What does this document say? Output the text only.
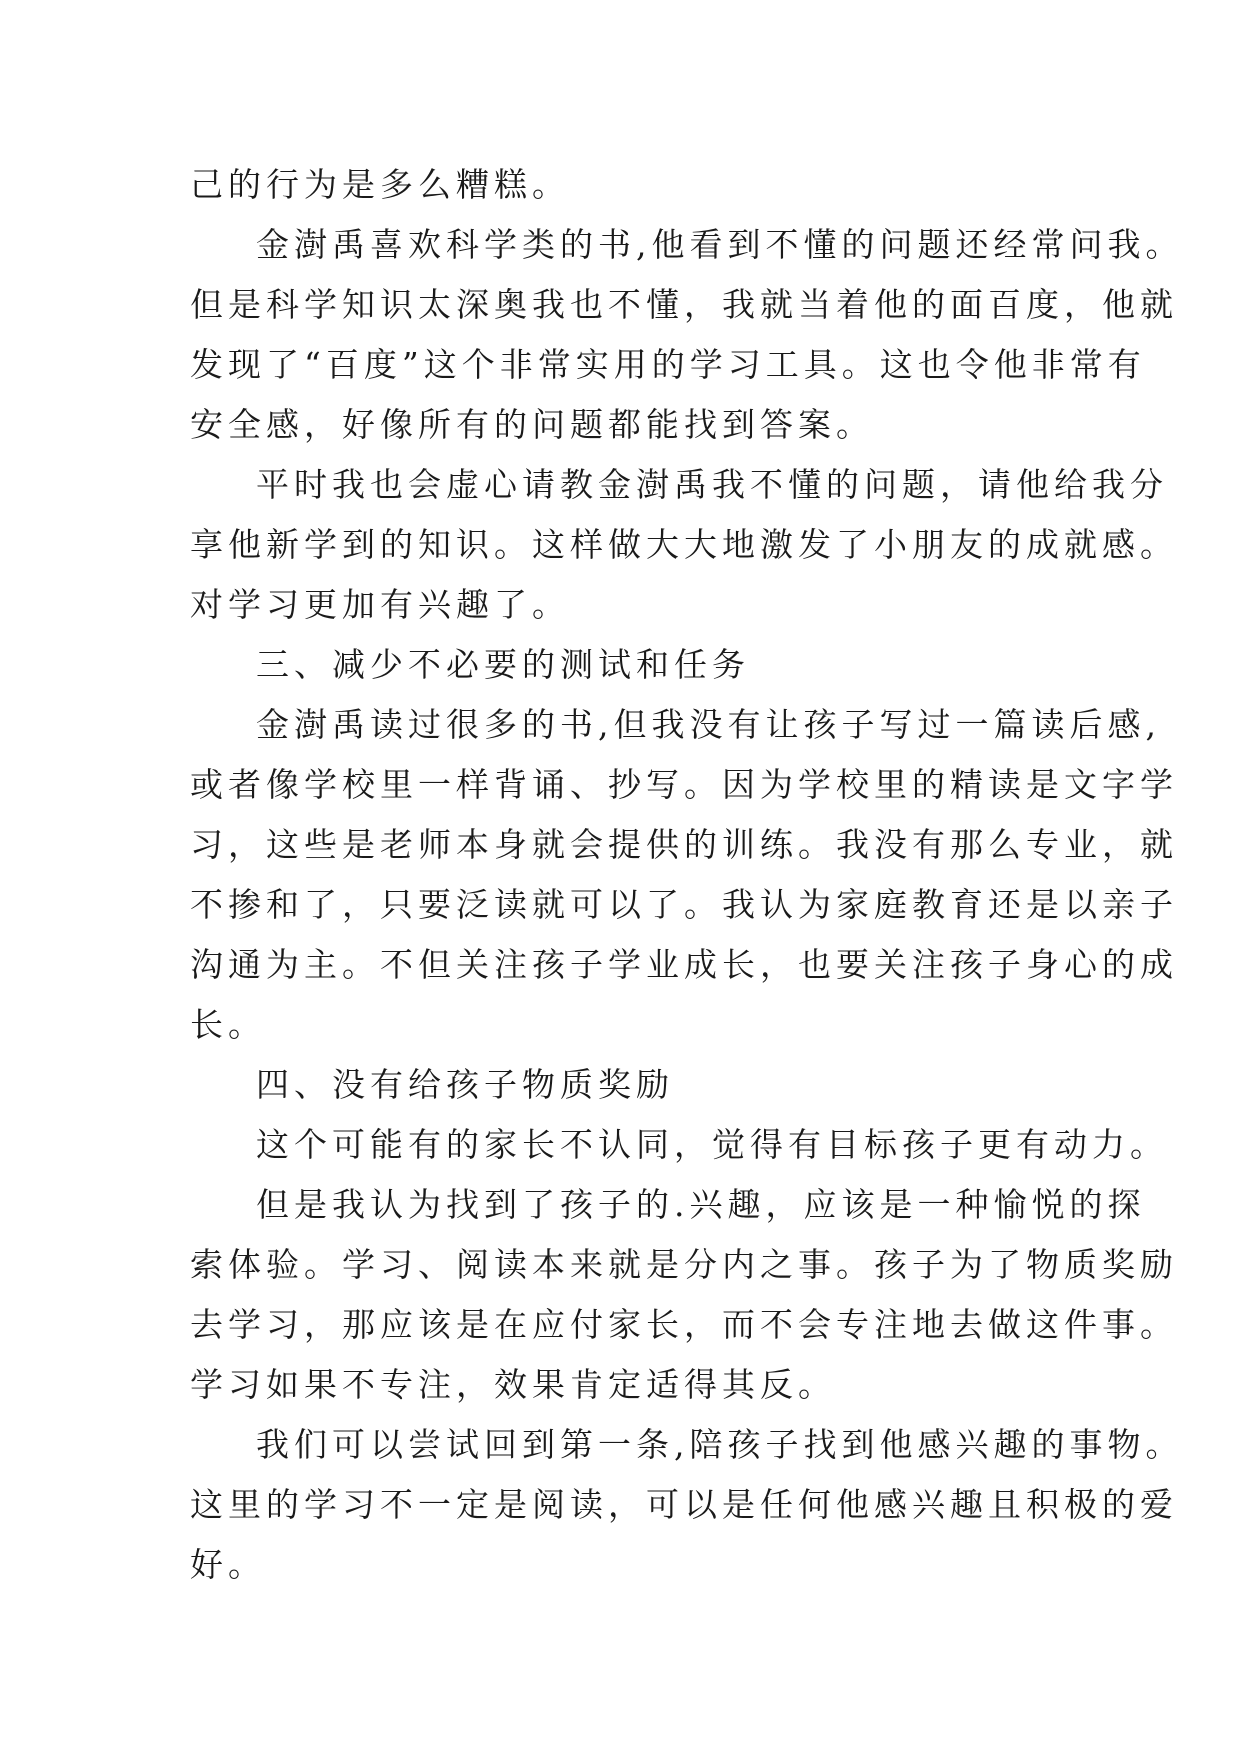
己的行为是多么糟糕。
金澍禹喜欢科学类的书,他看到不懂的问题还经常问我。
但是科学知识太深奥我也不懂，我就当着他的面百度，他就
发现了“百度”这个非常实用的学习工具。这也令他非常有
安全感，好像所有的问题都能找到答案。
平时我也会虚心请教金澍禹我不懂的问题，请他给我分
享他新学到的知识。这样做大大地激发了小朋友的成就感。
对学习更加有兴趣了。
三、减少不必要的测试和任务
金澍禹读过很多的书,但我没有让孩子写过一篇读后感,
或者像学校里一样背诵、抄写。因为学校里的精读是文字学
习，这些是老师本身就会提供的训练。我没有那么专业，就
不掺和了，只要泛读就可以了。我认为家庭教育还是以亲子
沟通为主。不但关注孩子学业成长，也要关注孩子身心的成
长。
四、没有给孩子物质奖励
这个可能有的家长不认同，觉得有目标孩子更有动力。
但是我认为找到了孩子的.兴趣，应该是一种愉悦的探
索体验。学习、阅读本来就是分内之事。孩子为了物质奖励
去学习，那应该是在应付家长，而不会专注地去做这件事。
学习如果不专注，效果肯定适得其反。
我们可以尝试回到第一条,陪孩子找到他感兴趣的事物。
这里的学习不一定是阅读，可以是任何他感兴趣且积极的爱
好。
